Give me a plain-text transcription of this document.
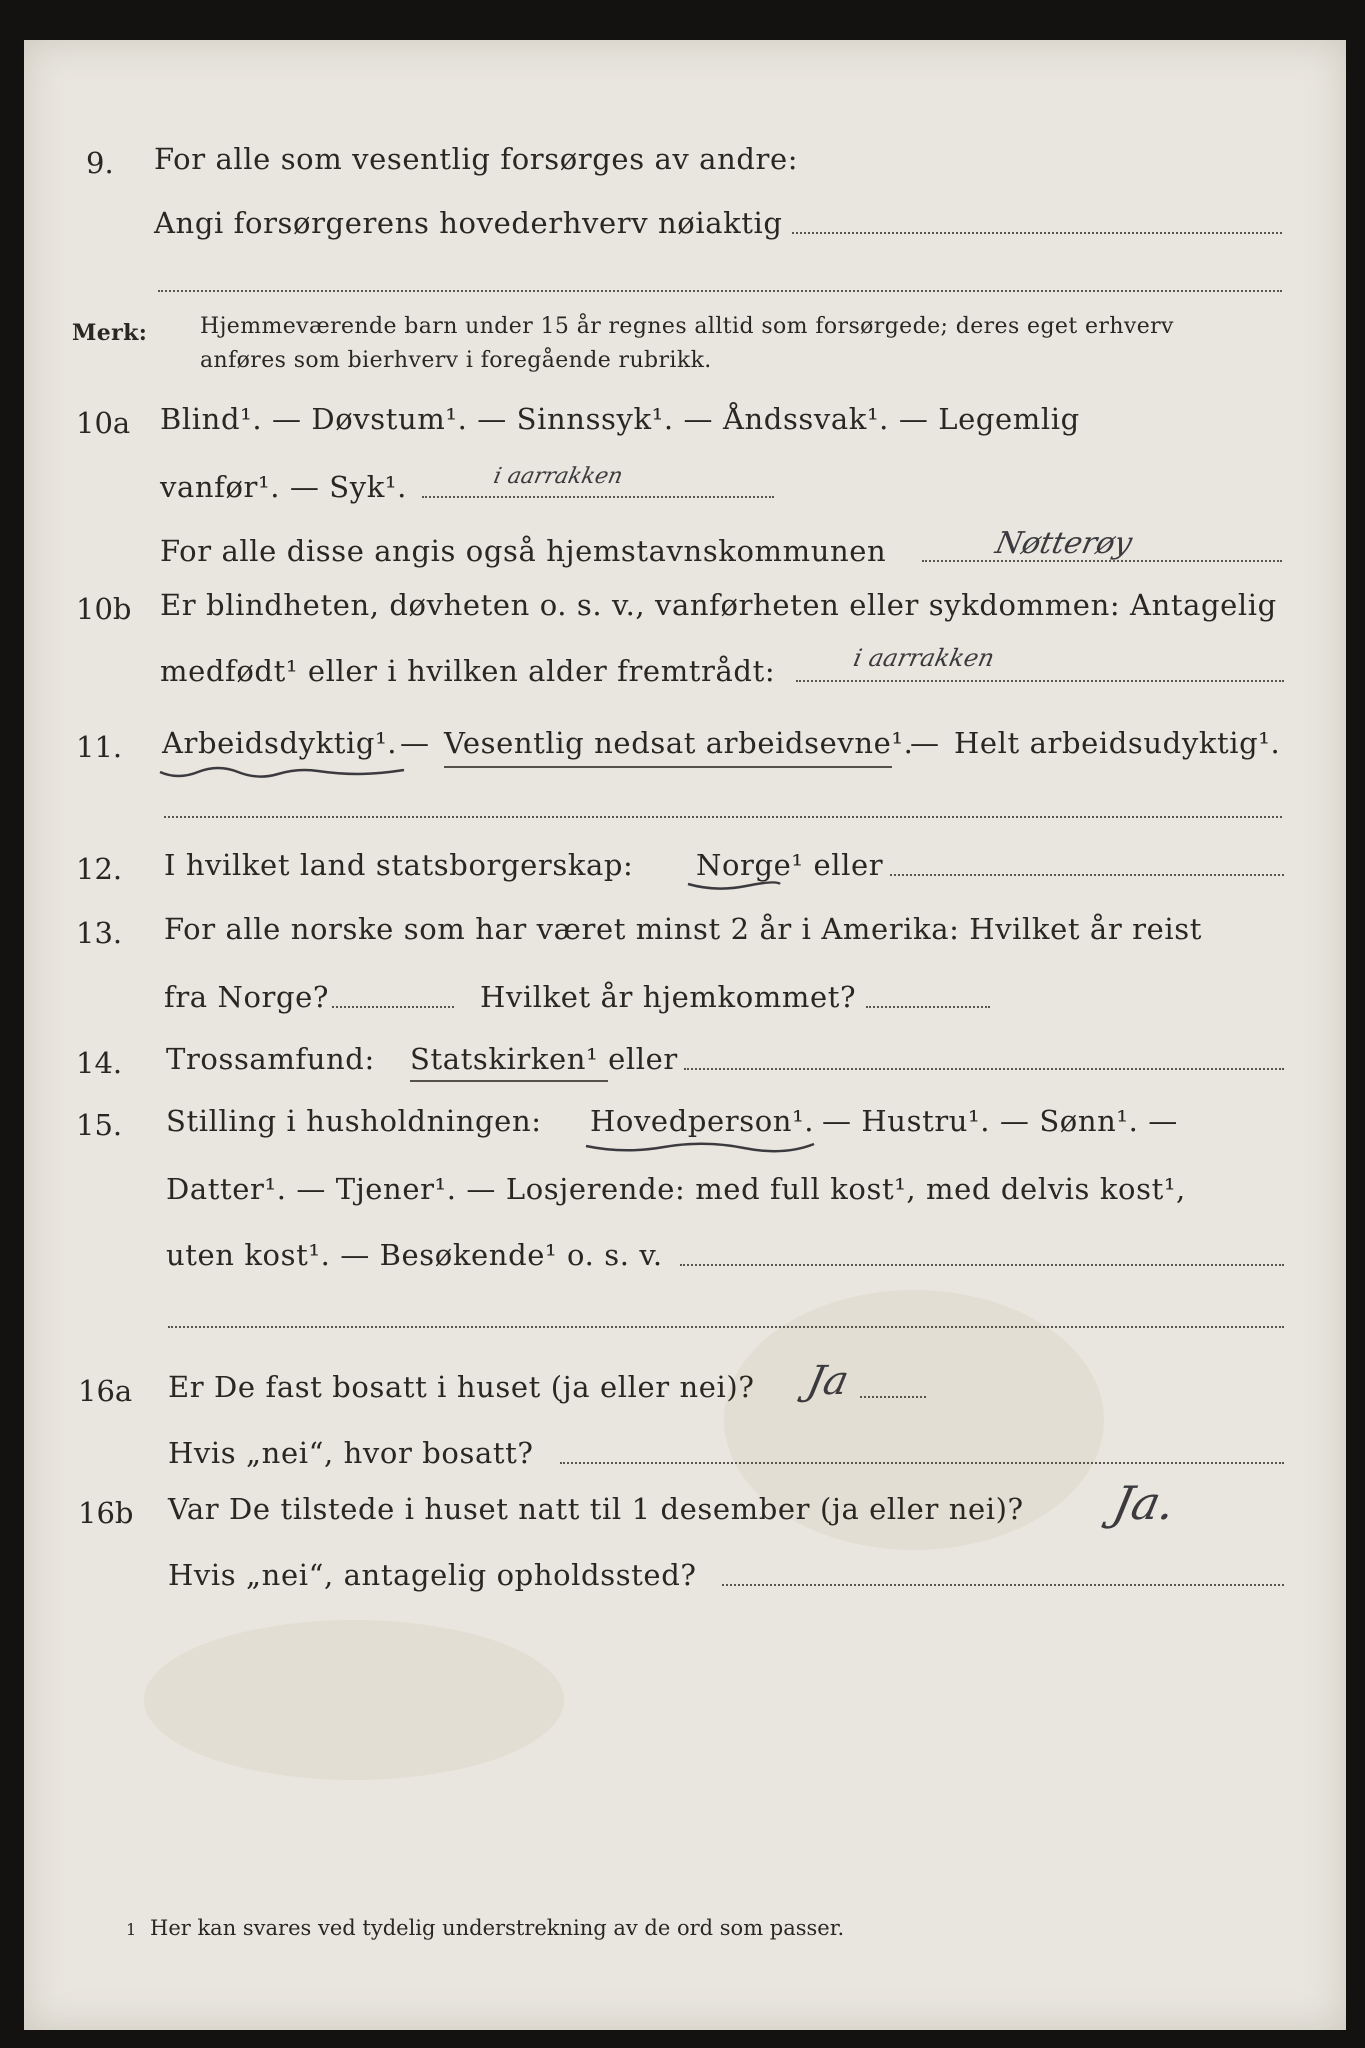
9. For alle som vesentlig forsørges av andre:
Angi forsørgerens hovederhverv nøiaktig
Merk: Hjemmeværende barn under 15 år regnes alltid som forsørgede; deres eget erhverv
anføres som bierhverv i foregående rubrikk.
10a Blind¹. — Døvstum¹. — Sinnssyk¹. — Åndssvak¹. — Legemlig
vanfør¹. — Syk¹.	i aarrakken
For alle disse angis også hjemstavnskommunen	Nøtterøy
10b Er blindheten, døvheten o. s. v., vanførheten eller sykdommen: Antagelig
medfødt¹ eller i hvilken alder fremtrådt:	i aarrakken
11. Arbeidsdyktig¹. — Vesentlig nedsat arbeidsevne¹.
— Helt arbeidsudyktig¹.
12. I hvilket land statsborgerskap: Norge¹ eller
13. For alle norske som har været minst 2 år i Amerika: Hvilket år reist
fra Norge?	Hvilket år hjemkommet?
14. Trossamfund: Statskirken¹ eller
15. Stilling i husholdningen: Hovedperson¹. — Hustru¹. — Sønn¹. —
Datter¹. — Tjener¹. — Losjerende: med full kost¹, med delvis kost¹,
uten kost¹. — Besøkende¹ o. s. v.
16a Er De fast bosatt i huset (ja eller nei)? Ja
Hvis „nei“, hvor bosatt?
16b Var De tilstede i huset natt til 1 desember (ja eller nei)? Ja.
Hvis „nei“, antagelig opholdssted?
1 Her kan svares ved tydelig understrekning av de ord som passer.
